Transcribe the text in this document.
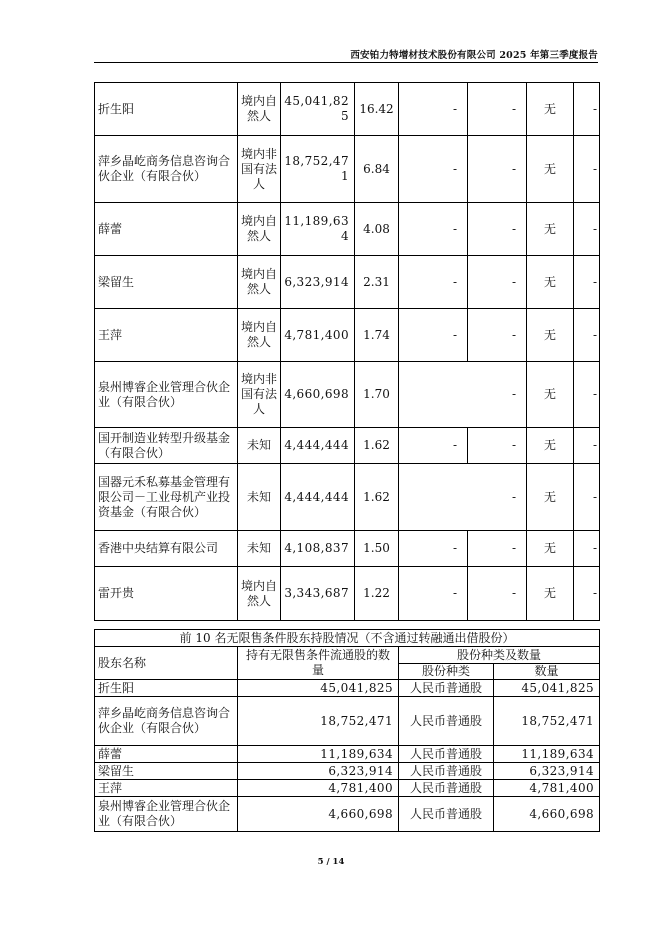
西安铂力特增材技术股份有限公司 2025 年第三季度报告
折生阳	境内自然人	45,041,825	16.42	-	-	无	-
萍乡晶屹商务信息咨询合伙企业（有限合伙）	境内非国有法人	18,752,471	6.84	-	-	无	-
薛蕾	境内自然人	11,189,634	4.08	-	-	无	-
梁留生	境内自然人	6,323,914	2.31	-	-	无	-
王萍	境内自然人	4,781,400	1.74	-	-	无	-
泉州博睿企业管理合伙企业（有限合伙）	境内非国有法人	4,660,698	1.70	-		无	-
国开制造业转型升级基金（有限合伙）	未知	4,444,444	1.62	-	-	无	-
国器元禾私募基金管理有限公司－工业母机产业投资基金（有限合伙）	未知	4,444,444	1.62	-		无	-
香港中央结算有限公司	未知	4,108,837	1.50	-	-	无	-
雷开贵	境内自然人	3,343,687	1.22	-	-	无	-
前 10 名无限售条件股东持股情况（不含通过转融通出借股份）			
股东名称	持有无限售条件流通股的数量	股份种类及数量	
		股份种类	数量
折生阳	45,041,825	人民币普通股	45,041,825
萍乡晶屹商务信息咨询合伙企业（有限合伙）	18,752,471	人民币普通股	18,752,471
薛蕾	11,189,634	人民币普通股	11,189,634
梁留生	6,323,914	人民币普通股	6,323,914
王萍	4,781,400	人民币普通股	4,781,400
泉州博睿企业管理合伙企业（有限合伙）	4,660,698	人民币普通股	4,660,698
5 / 14
